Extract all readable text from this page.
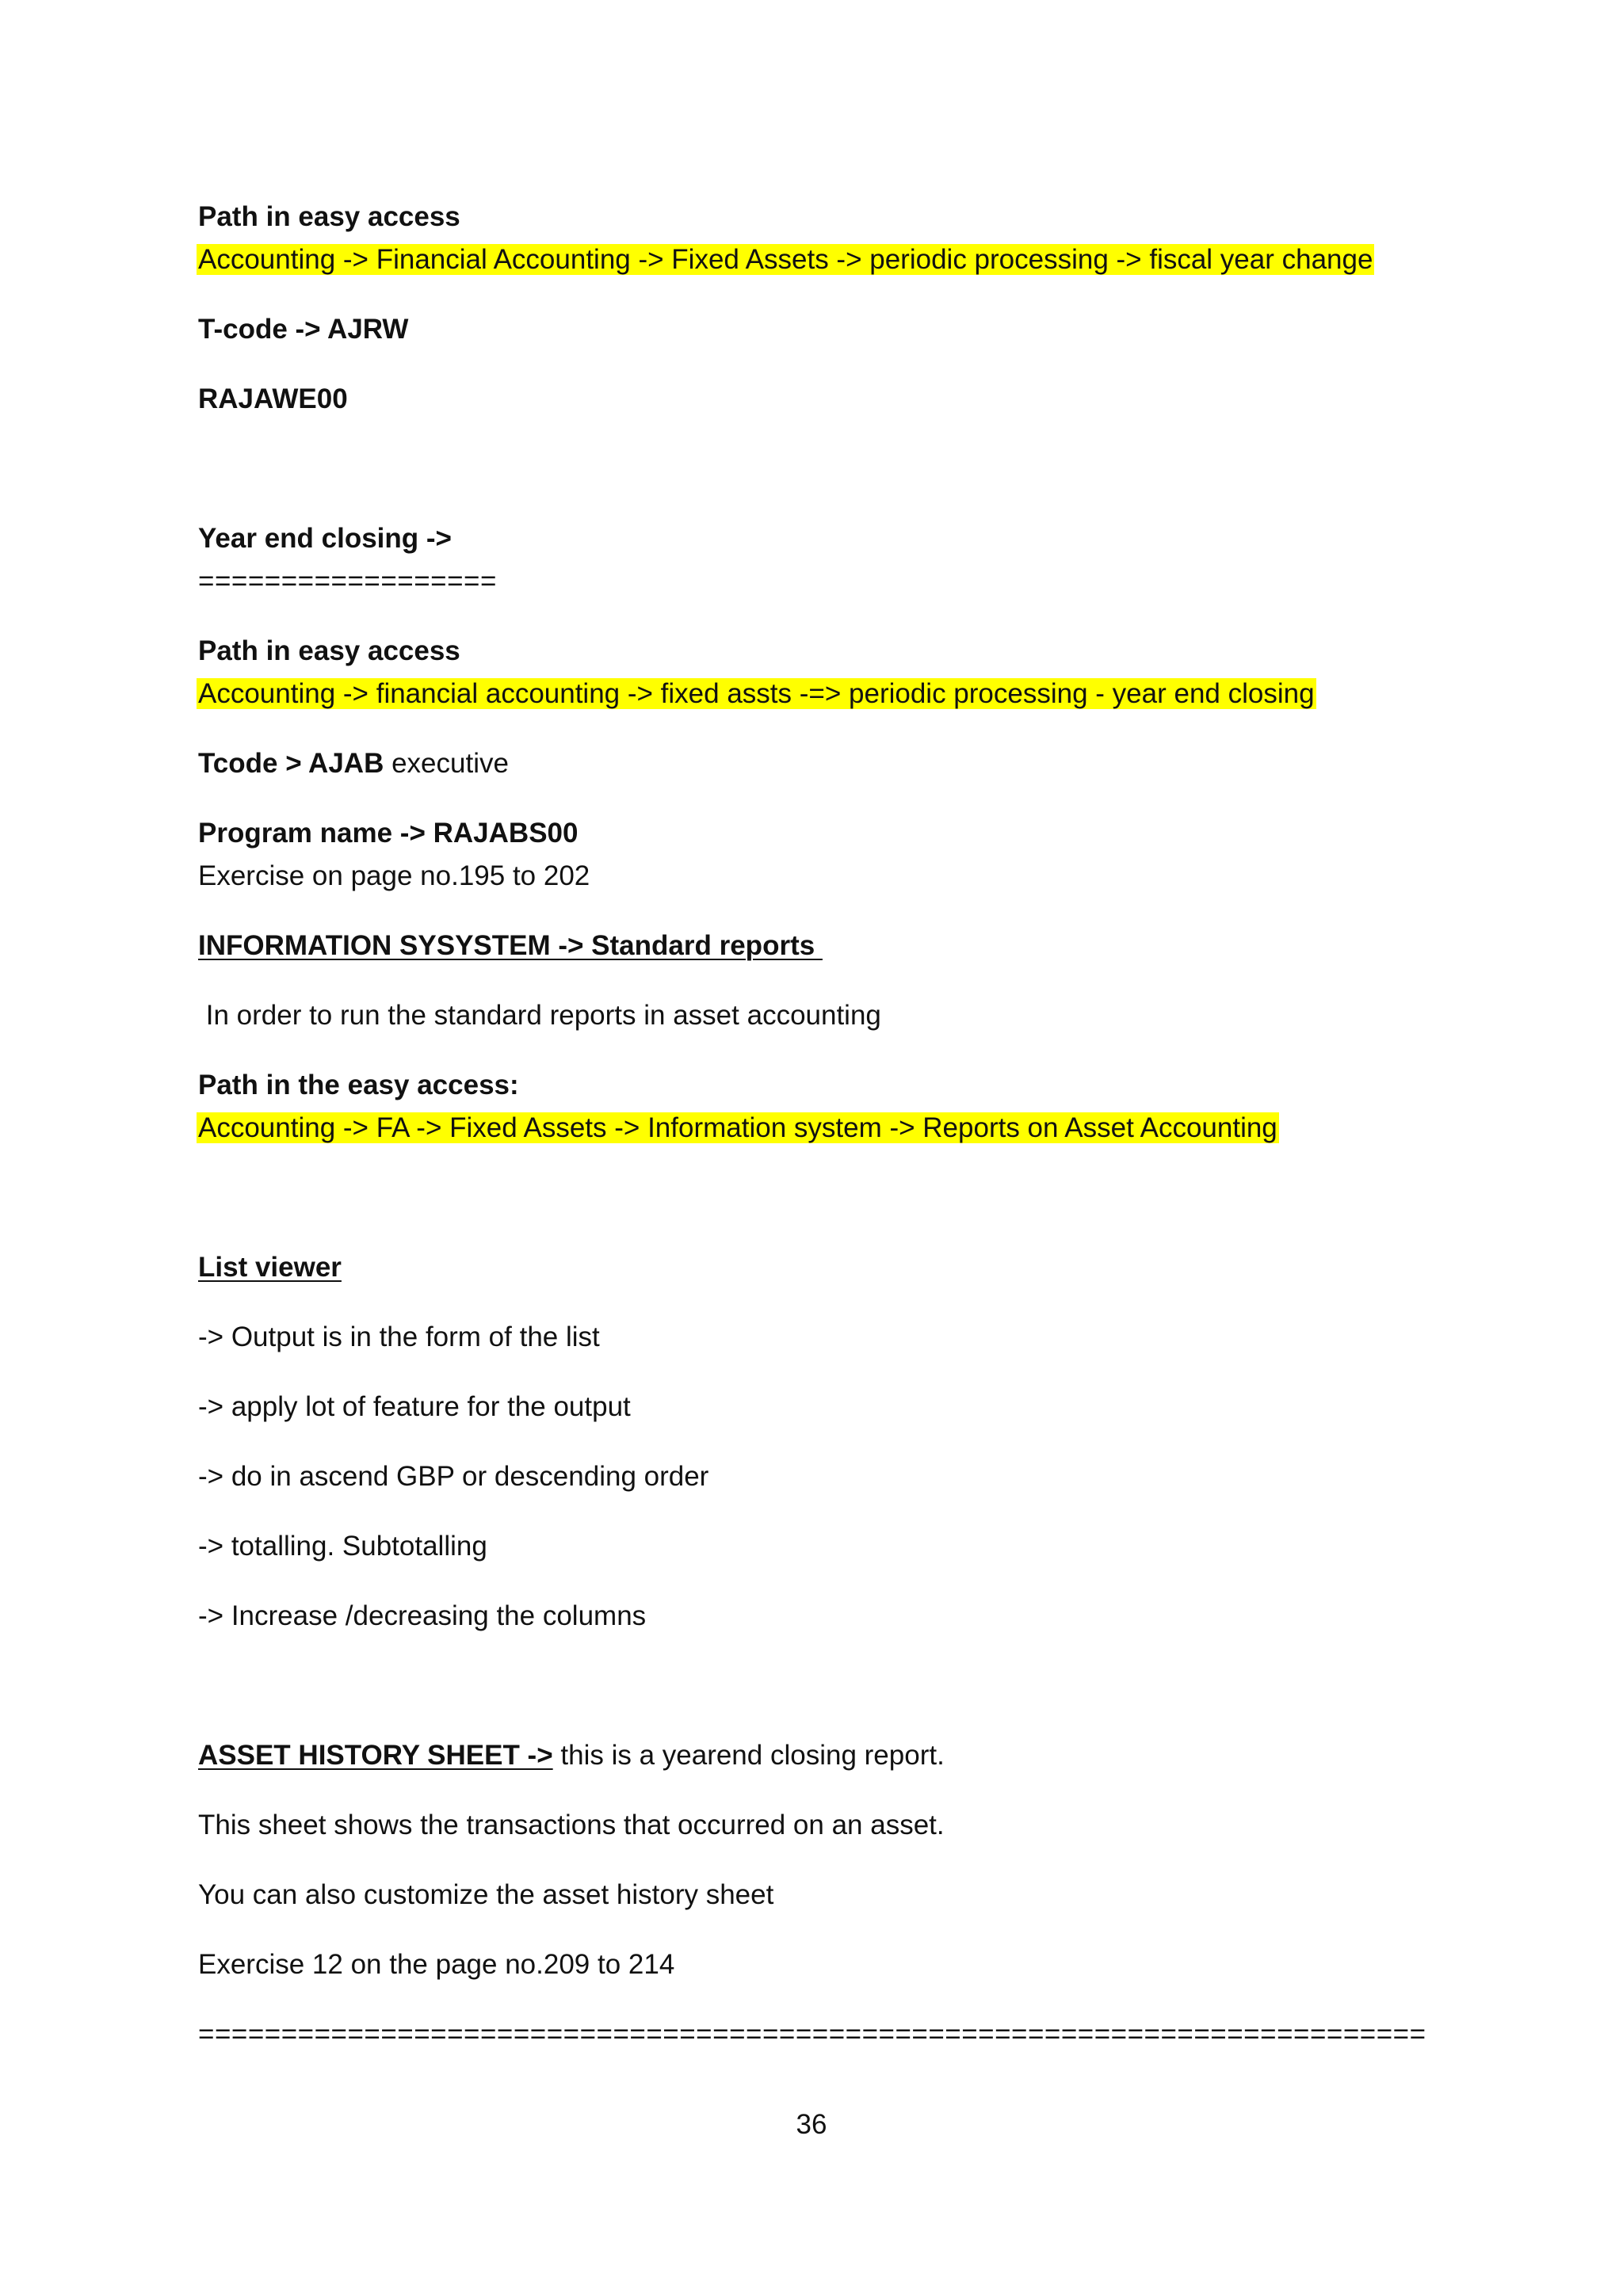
Path in easy access
Accounting -> Financial Accounting -> Fixed Assets -> periodic processing -> fiscal year change
T-code -> AJRW
RAJAWE00
Year end closing ->
==================
Path in easy access
Accounting -> financial accounting -> fixed assts -=> periodic processing - year end closing
Tcode > AJAB executive
Program name -> RAJABS00
Exercise on page no.195 to 202
INFORMATION SYSYSTEM -> Standard reports
In order to run the standard reports in asset accounting
Path in the easy access:
Accounting -> FA -> Fixed Assets -> Information system -> Reports on Asset Accounting
List viewer
-> Output is in the form of the list
-> apply lot of feature for the output
-> do in ascend GBP or descending order
-> totalling. Subtotalling
-> Increase /decreasing the columns
ASSET HISTORY SHEET -> this is a yearend closing report.
This sheet shows the transactions that occurred on an asset.
You can also customize the asset history sheet
Exercise 12 on the page no.209 to 214
==========================================================================
36
